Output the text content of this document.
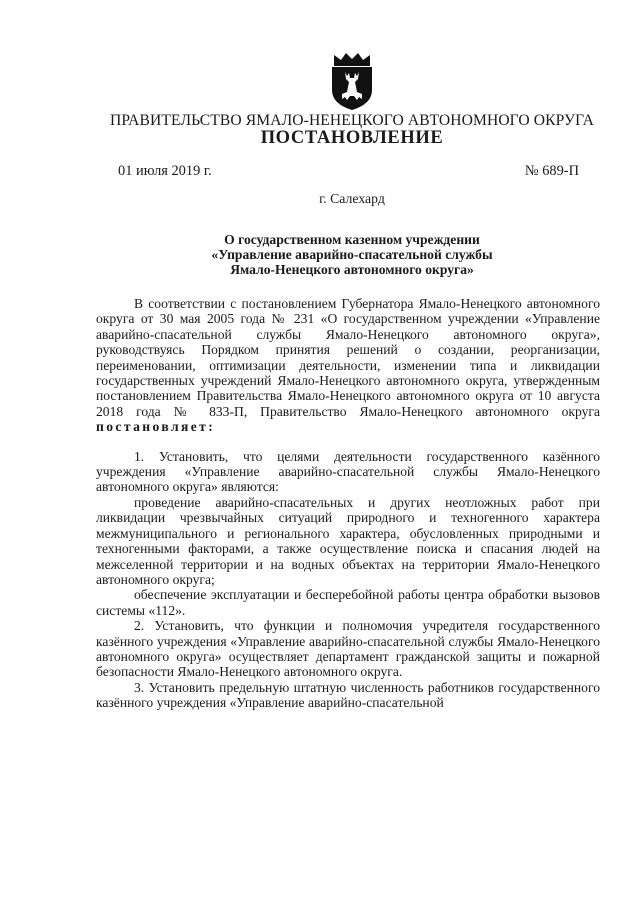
ПРАВИТЕЛЬСТВО ЯМАЛО-НЕНЕЦКОГО АВТОНОМНОГО ОКРУГА
ПОСТАНОВЛЕНИЕ
01 июля 2019 г.	№ 689-П
г. Салехард
О государственном казенном учреждении
«Управление аварийно-спасательной службы
Ямало-Ненецкого автономного округа»

В соответствии с постановлением Губернатора Ямало-Ненецкого автономного округа от 30 мая 2005 года № 231 «О государственном учреждении «Управление аварийно-спасательной службы Ямало-Ненецкого автономного округа», руководствуясь Порядком принятия решений о создании, реорганизации, переименовании, оптимизации деятельности, изменении типа и ликвидации государственных учреждений Ямало-Ненецкого автономного округа, утвержденным постановлением Правительства Ямало-Ненецкого автономного округа от 10 августа 2018 года № 833-П, Правительство Ямало-Ненецкого автономного округа постановляет:

1. Установить, что целями деятельности государственного казённого учреждения «Управление аварийно-спасательной службы Ямало-Ненецкого автономного округа» являются:

проведение аварийно-спасательных и других неотложных работ при ликвидации чрезвычайных ситуаций природного и техногенного характера межмуниципального и регионального характера, обусловленных природными и техногенными факторами, а также осуществление поиска и спасания людей на межселенной территории и на водных объектах на территории Ямало-Ненецкого автономного округа;

обеспечение эксплуатации и бесперебойной работы центра обработки вызовов системы «112».

2. Установить, что функции и полномочия учредителя государственного казённого учреждения «Управление аварийно-спасательной службы Ямало-Ненецкого автономного округа» осуществляет департамент гражданской защиты и пожарной безопасности Ямало-Ненецкого автономного округа.

3. Установить предельную штатную численность работников государственного казённого учреждения «Управление аварийно-спасательной
